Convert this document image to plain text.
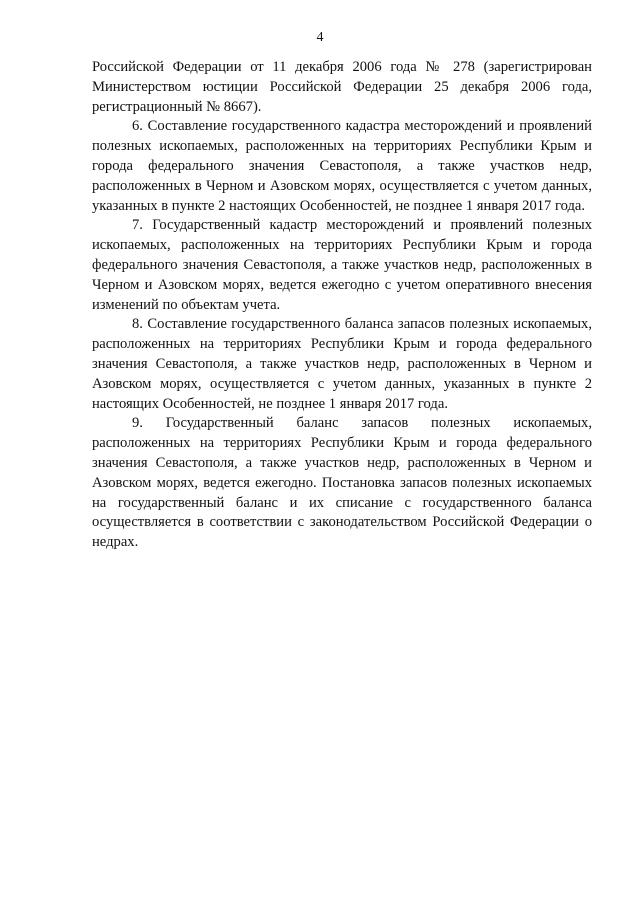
4

Российской Федерации от 11 декабря 2006 года № 278 (зарегистрирован Министерством юстиции Российской Федерации 25 декабря 2006 года, регистрационный № 8667).

6. Составление государственного кадастра месторождений и проявлений полезных ископаемых, расположенных на территориях Республики Крым и города федерального значения Севастополя, а также участков недр, расположенных в Черном и Азовском морях, осуществляется с учетом данных, указанных в пункте 2 настоящих Особенностей, не позднее 1 января 2017 года.

7. Государственный кадастр месторождений и проявлений полезных ископаемых, расположенных на территориях Республики Крым и города федерального значения Севастополя, а также участков недр, расположенных в Черном и Азовском морях, ведется ежегодно с учетом оперативного внесения изменений по объектам учета.

8. Составление государственного баланса запасов полезных ископаемых, расположенных на территориях Республики Крым и города федерального значения Севастополя, а также участков недр, расположенных в Черном и Азовском морях, осуществляется с учетом данных, указанных в пункте 2 настоящих Особенностей, не позднее 1 января 2017 года.

9. Государственный баланс запасов полезных ископаемых, расположенных на территориях Республики Крым и города федерального значения Севастополя, а также участков недр, расположенных в Черном и Азовском морях, ведется ежегодно. Постановка запасов полезных ископаемых на государственный баланс и их списание с государственного баланса осуществляется в соответствии с законодательством Российской Федерации о недрах.
